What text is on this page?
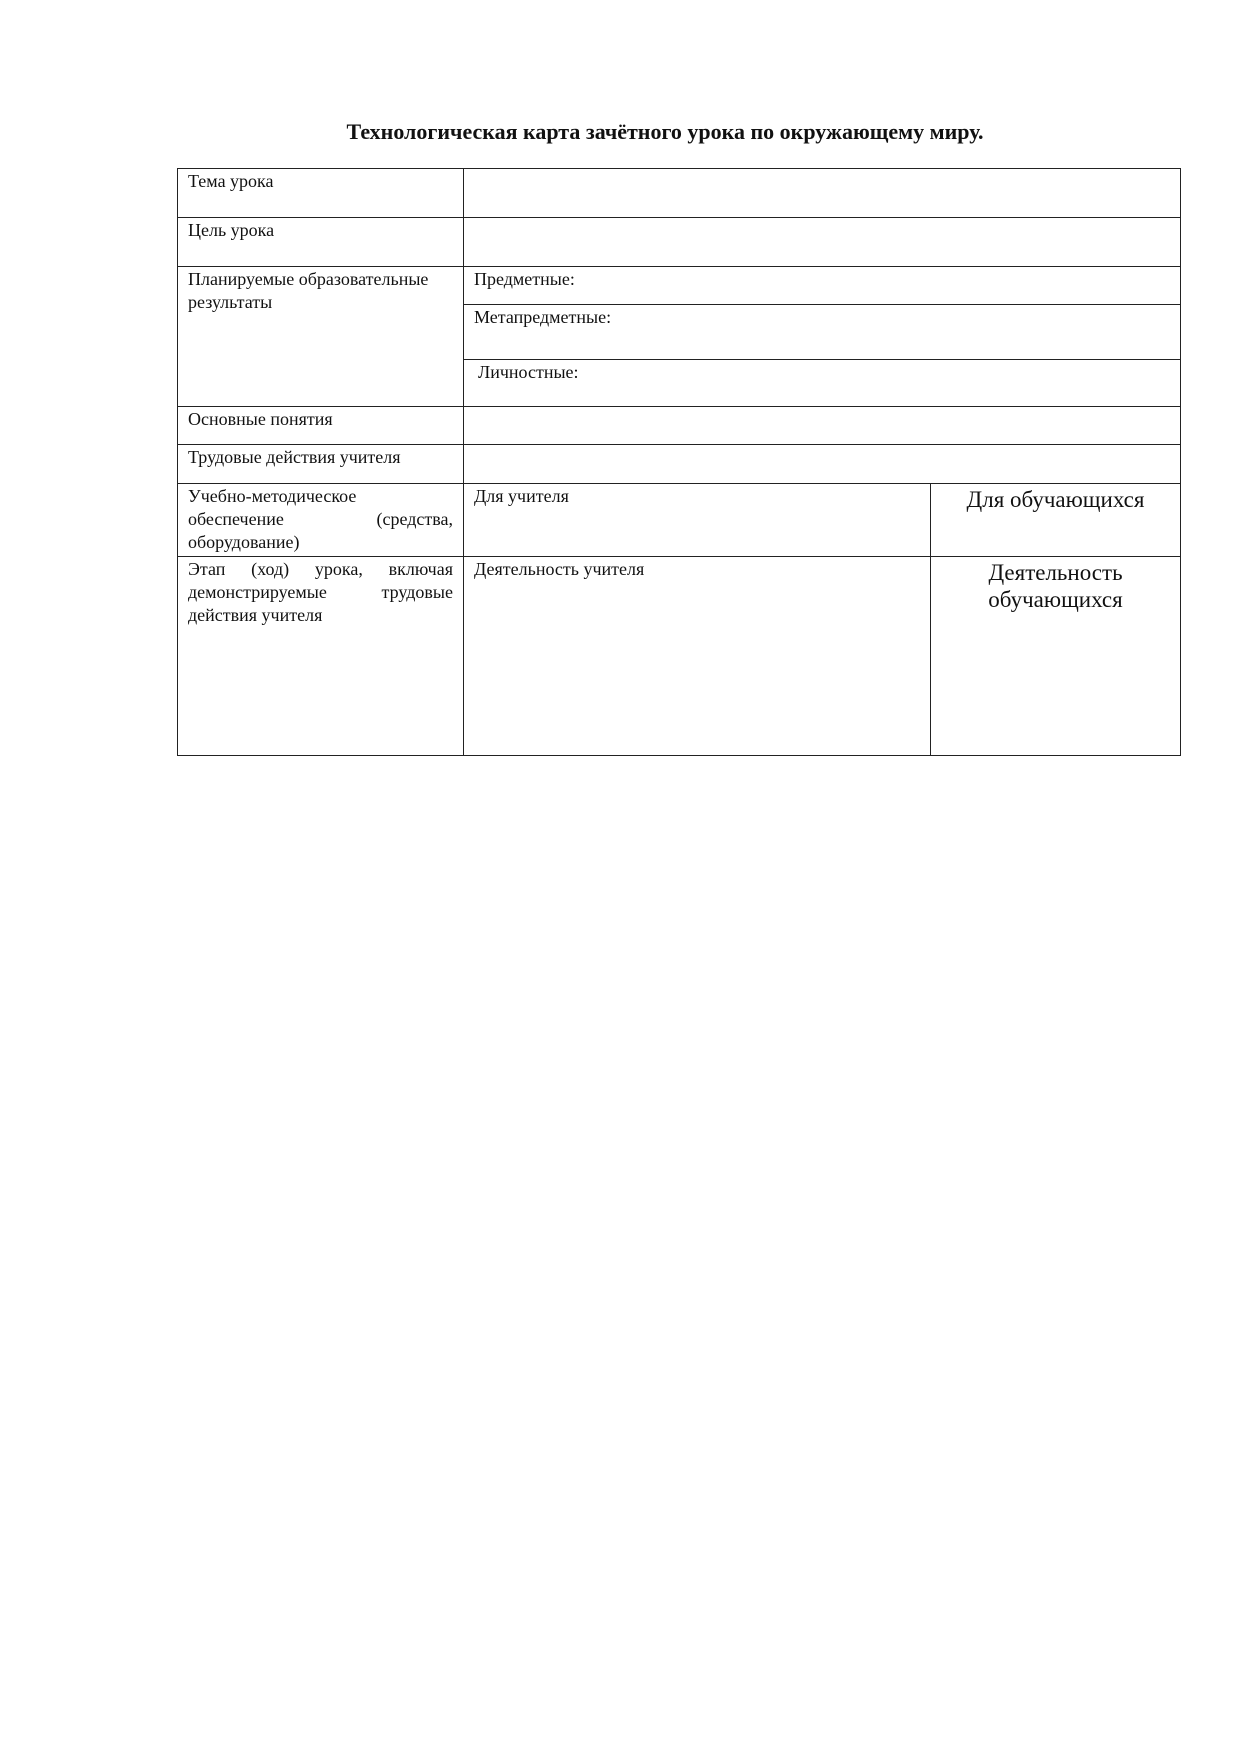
Технологическая карта зачётного урока по окружающему миру.
Тема урока		
Цель урока		
Планируемые образовательные результаты	Предметные:	
	Метапредметные:	
	Личностные:	
Основные понятия		
Трудовые действия учителя		
Учебно-методическое обеспечение (средства, оборудование)	Для учителя	Для обучающихся
Этап (ход) урока, включая демонстрируемые трудовые действия учителя	Деятельность учителя	Деятельность обучающихся
